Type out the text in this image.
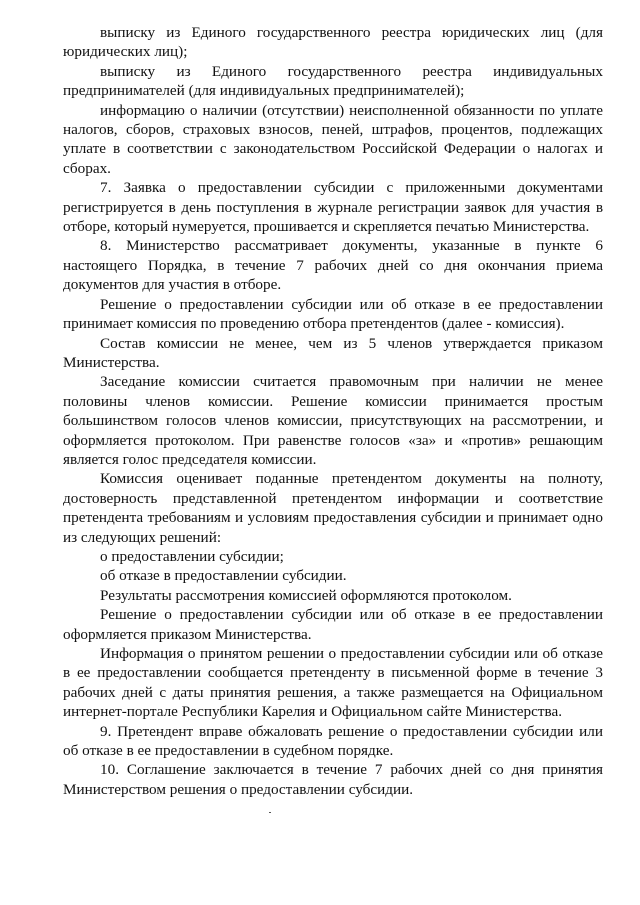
выписку из Единого государственного реестра юридических лиц (для юридических лиц);

выписку из Единого государственного реестра индивидуальных предпринимателей (для индивидуальных предпринимателей);

информацию о наличии (отсутствии) неисполненной обязанности по уплате налогов, сборов, страховых взносов, пеней, штрафов, процентов, подлежащих уплате в соответствии с законодательством Российской Федерации о налогах и сборах.

7. Заявка о предоставлении субсидии с приложенными документами регистрируется в день поступления в журнале регистрации заявок для участия в отборе, который нумеруется, прошивается и скрепляется печатью Министерства.

8. Министерство рассматривает документы, указанные в пункте 6 настоящего Порядка, в течение 7 рабочих дней со дня окончания приема документов для участия в отборе.

Решение о предоставлении субсидии или об отказе в ее предоставлении принимает комиссия по проведению отбора претендентов (далее - комиссия).

Состав комиссии не менее, чем из 5 членов утверждается приказом Министерства.

Заседание комиссии считается правомочным при наличии не менее половины членов комиссии. Решение комиссии принимается простым большинством голосов членов комиссии, присутствующих на рассмотрении, и оформляется протоколом. При равенстве голосов «за» и «против» решающим является голос председателя комиссии.

Комиссия оценивает поданные претендентом документы на полноту, достоверность представленной претендентом информации и соответствие претендента требованиям и условиям предоставления субсидии и принимает одно из следующих решений:

о предоставлении субсидии;

об отказе в предоставлении субсидии.

Результаты рассмотрения комиссией оформляются протоколом.

Решение о предоставлении субсидии или об отказе в ее предоставлении оформляется приказом Министерства.

Информация о принятом решении о предоставлении субсидии или об отказе в ее предоставлении сообщается претенденту в письменной форме в течение 3 рабочих дней с даты принятия решения, а также размещается на Официальном интернет-портале Республики Карелия и Официальном сайте Министерства.

9. Претендент вправе обжаловать решение о предоставлении субсидии или об отказе в ее предоставлении в судебном порядке.

10. Соглашение заключается в течение 7 рабочих дней со дня принятия Министерством решения о предоставлении субсидии.
